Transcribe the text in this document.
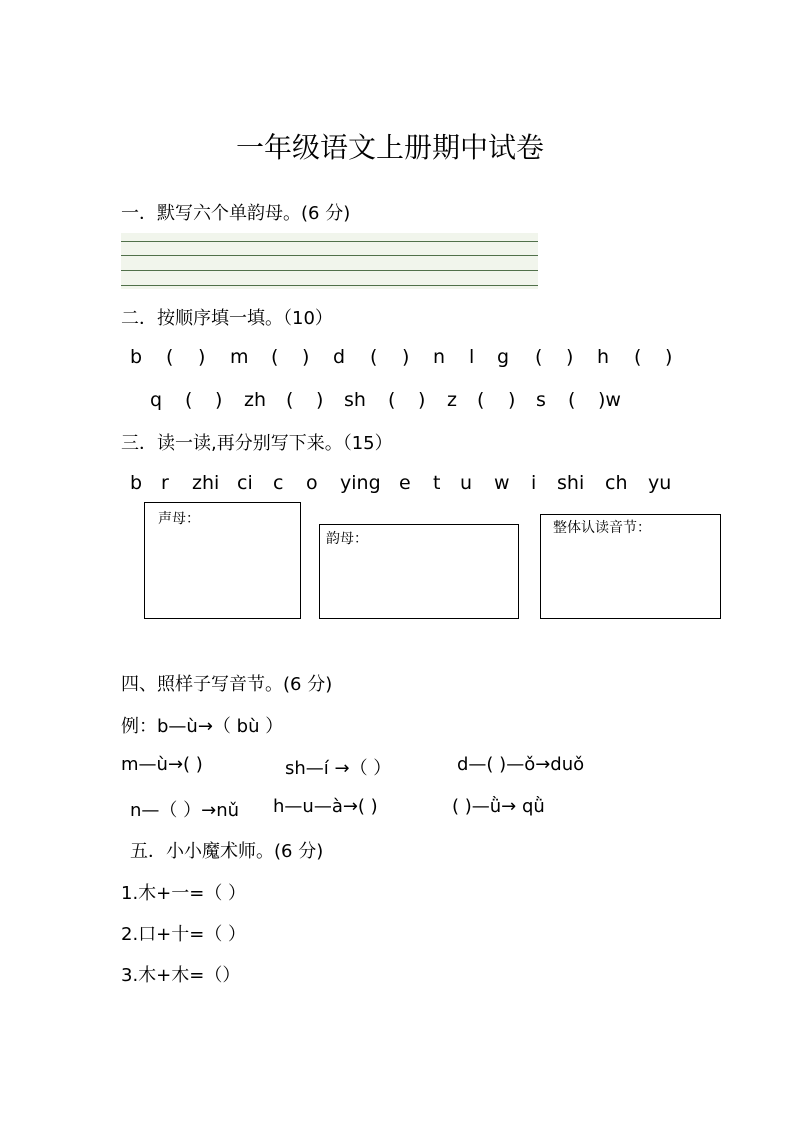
一年级语文上册期中试卷
一．默写六个单韵母。(6 分)
二．按顺序填一填。（10）
b ( ) m ( ) d ( ) n l g ( ) h ( )
q ( ) zh ( ) sh ( ) z ( ) s ( )w
三．读一读,再分别写下来。（15）
b r zhi ci c o ying e t u w i shi ch yu
声母：
韵母：
整体认读音节：
四、照样子写音节。(6 分)
例：b—ù→（ bù ）
m—ù→( )	sh—í →（ ）	d—( )—ǒ→duǒ
n—（ ）→nǔ h—u—à→( )	( )—ǜ→ qǜ
五．小小魔术师。(6 分)
1.木+一=（ ）
2.口+十=（ ）
3.木+木=（）
